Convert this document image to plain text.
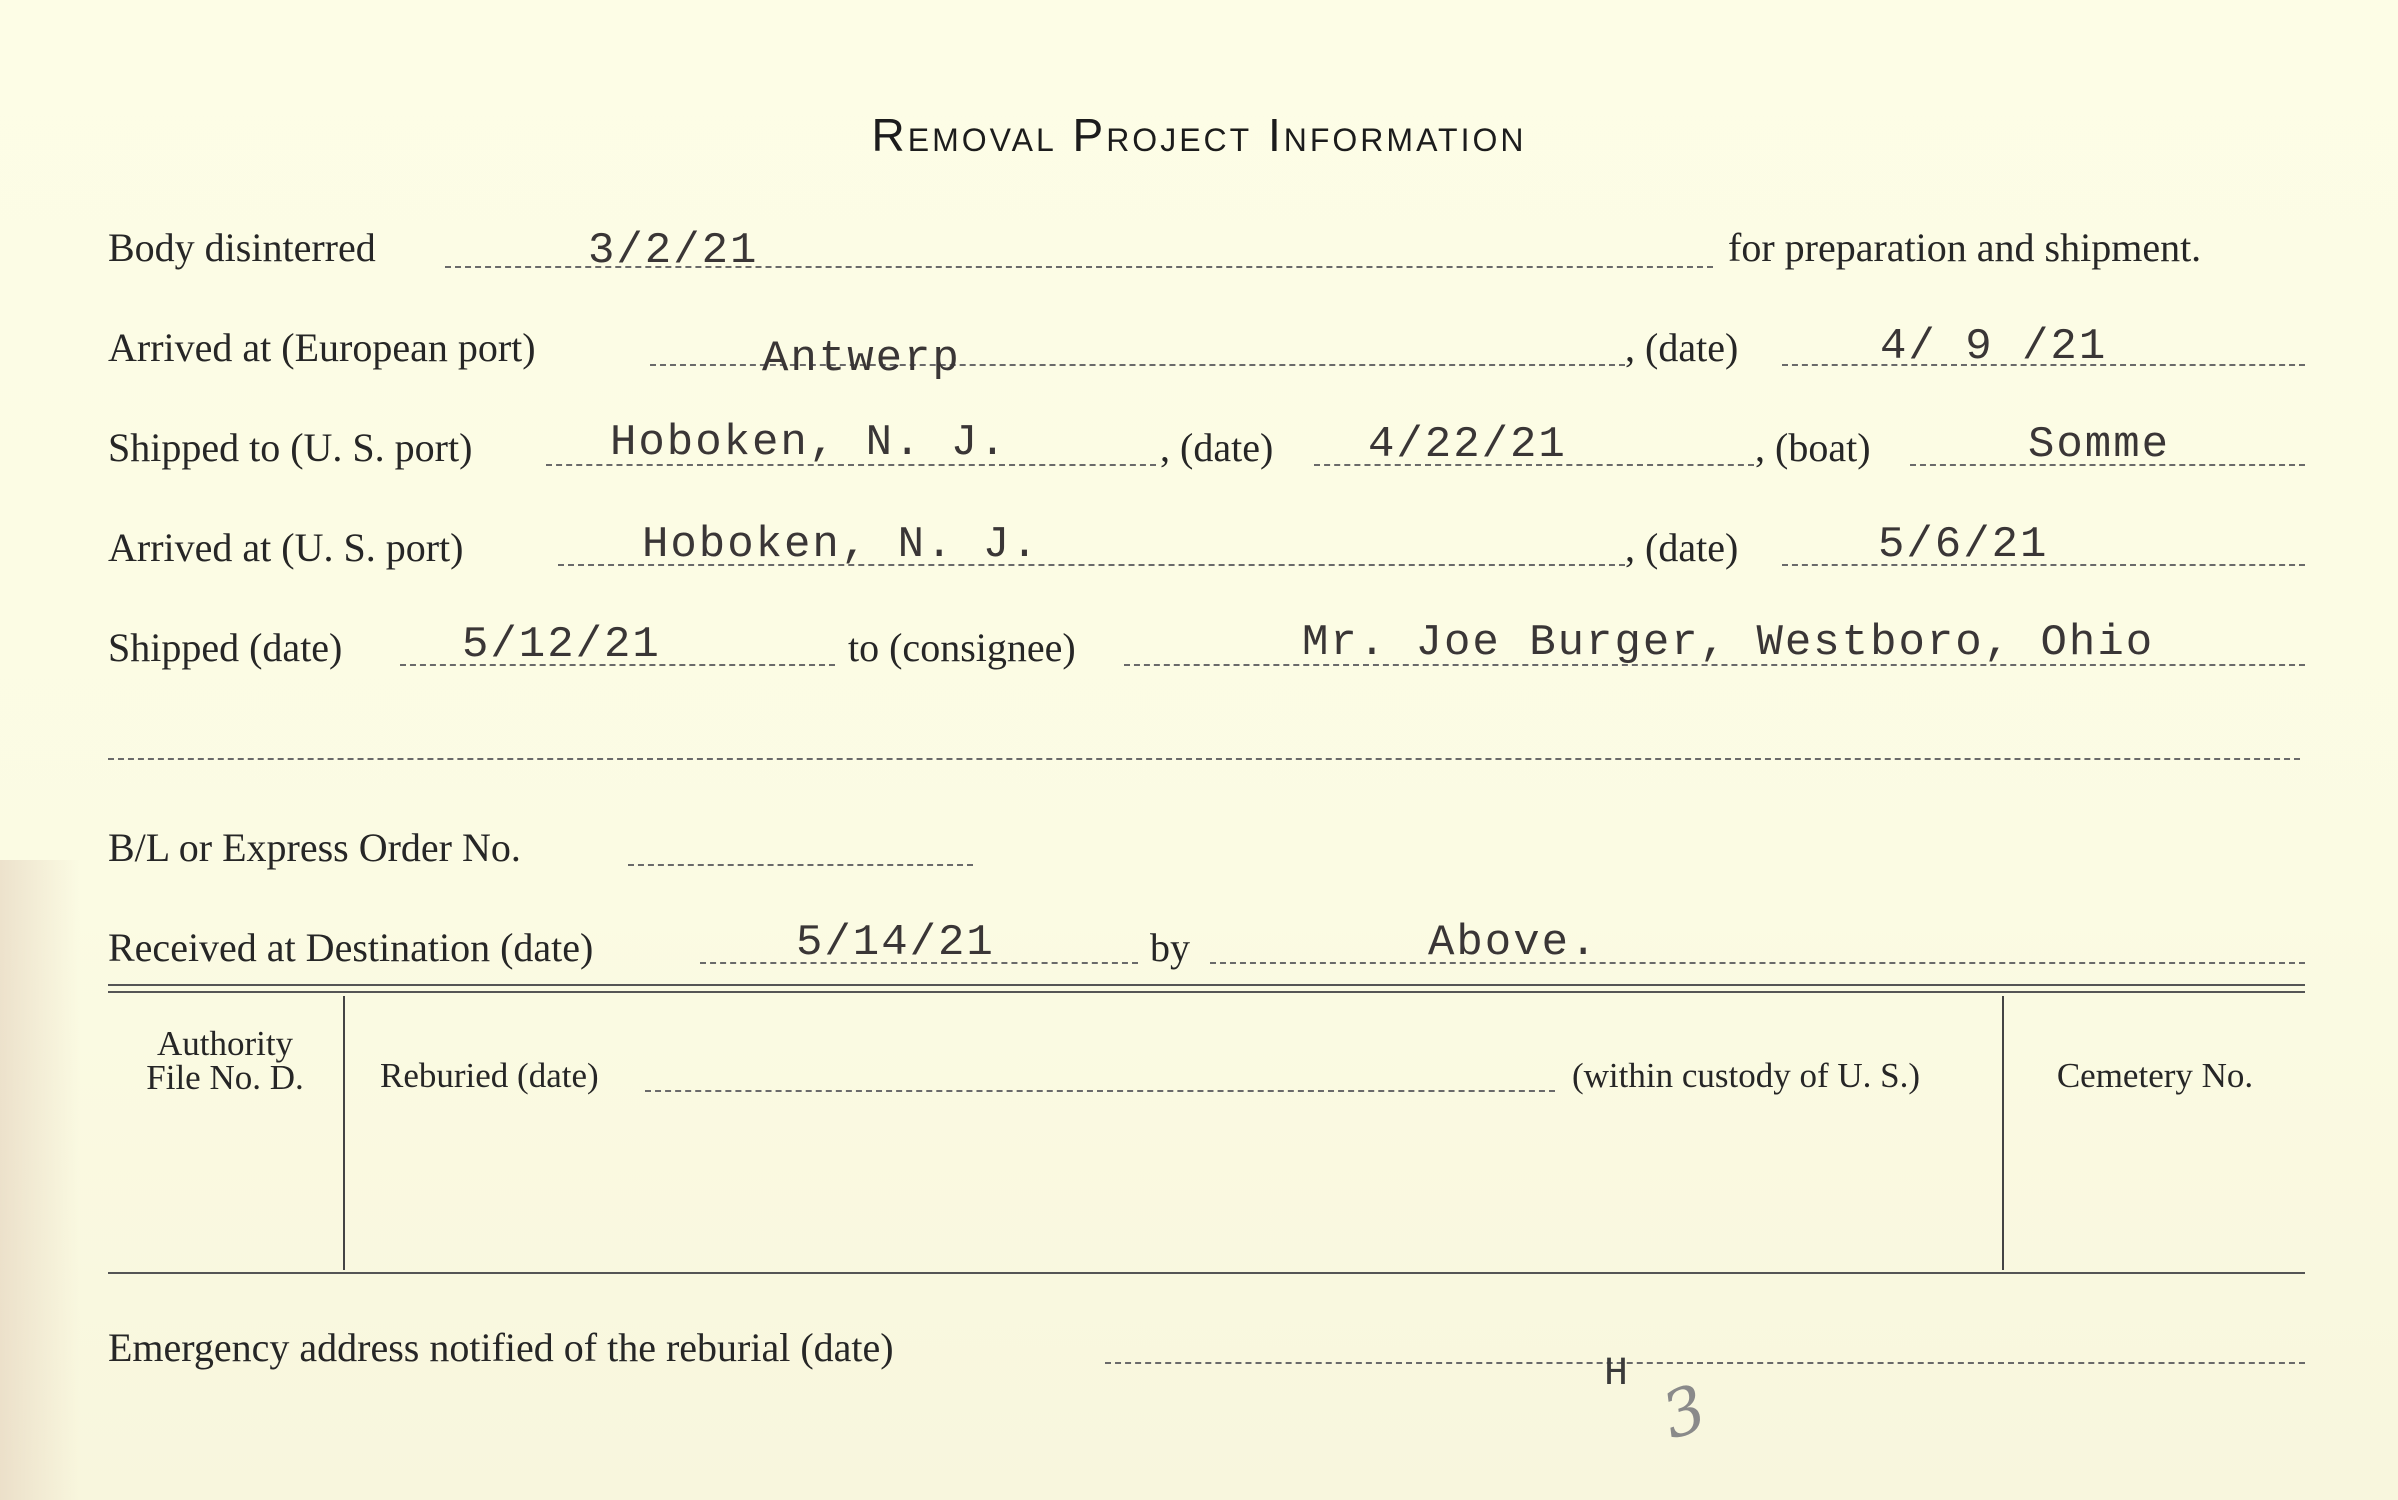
Removal Project Information
Body disinterred	3/2/21	for preparation and shipment.
Arrived at (European port)	Antwerp	, (date)	4/ 9 /21
Shipped to (U. S. port)	Hoboken, N. J.	, (date) 4/22/21	, (boat)	Somme
Arrived at (U. S. port)	Hoboken, N. J.	, (date)	5/6/21
Shipped (date)	5/12/21	to (consignee)	Mr. Joe Burger, Westboro, Ohio
B/L or Express Order No.
Received at Destination (date)	5/14/21	by	Above.
Authority
File No. D.	Reburied (date)	(within custody of U. S.)	Cemetery No.
Emergency address notified of the reburial (date)
H 3
